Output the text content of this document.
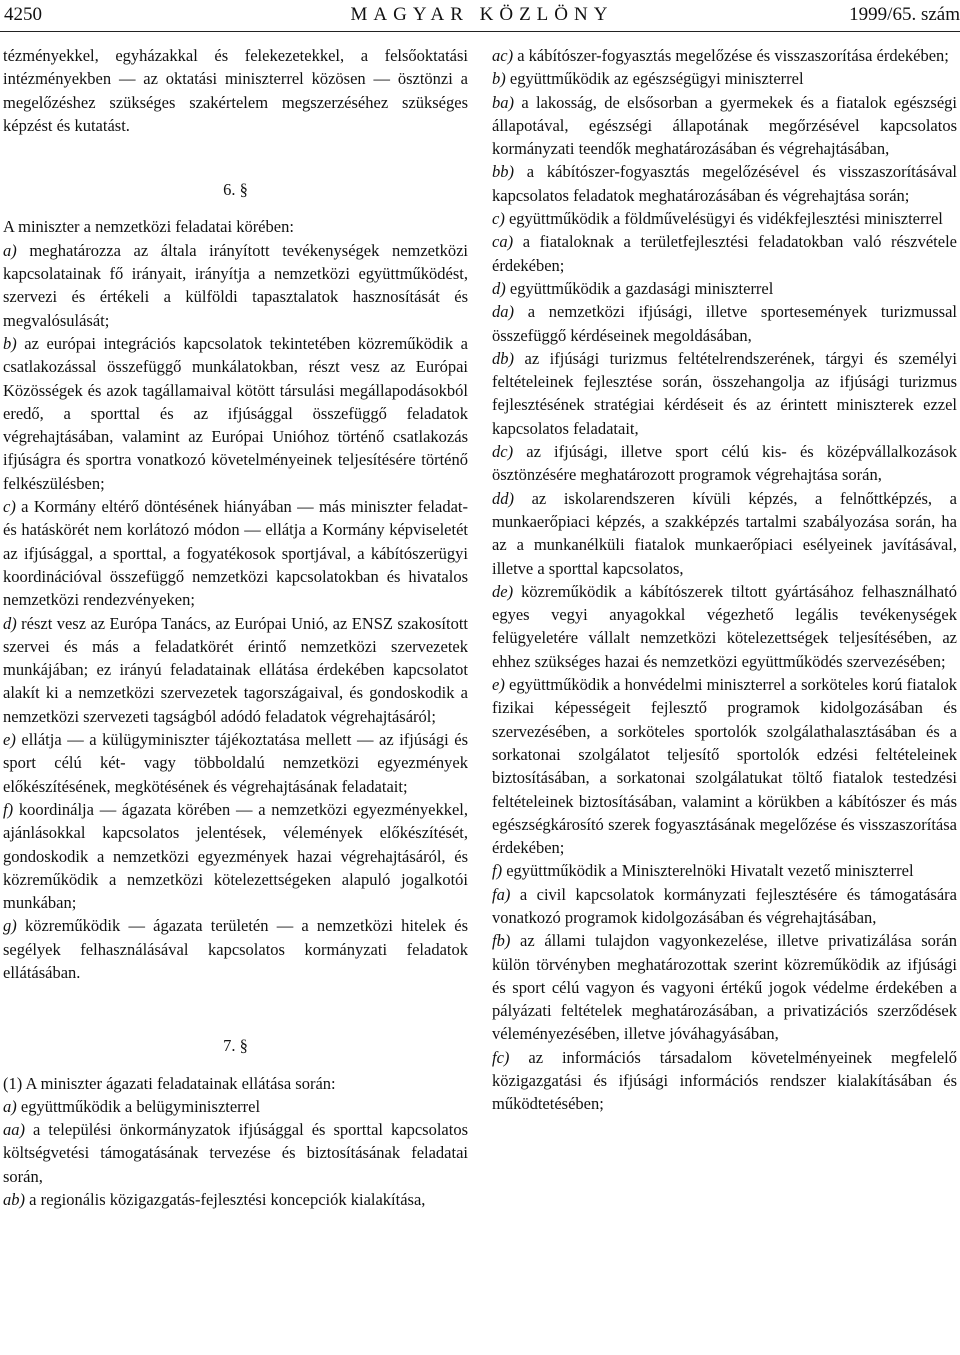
4250	MAGYAR KÖZLÖNY	1999/65. szám

tézményekkel, egyházakkal és felekezetekkel, a felsőoktatási intézményekben — az oktatási miniszterrel közösen — ösztönzi a megelőzéshez szükséges szakértelem megszerzéséhez szükséges képzést és kutatást.

6. §

A miniszter a nemzetközi feladatai körében:

a) meghatározza az általa irányított tevékenységek nemzetközi kapcsolatainak fő irányait, irányítja a nemzetközi együttműködést, szervezi és értékeli a külföldi tapasztalatok hasznosítását és megvalósulását;

b) az európai integrációs kapcsolatok tekintetében közreműködik a csatlakozással összefüggő munkálatokban, részt vesz az Európai Közösségek és azok tagállamaival kötött társulási megállapodásokból eredő, a sporttal és az ifjúsággal összefüggő feladatok végrehajtásában, valamint az Európai Unióhoz történő csatlakozás ifjúságra és sportra vonatkozó követelményeinek teljesítésére történő felkészülésben;

c) a Kormány eltérő döntésének hiányában — más miniszter feladat- és hatáskörét nem korlátozó módon — ellátja a Kormány képviseletét az ifjúsággal, a sporttal, a fogyatékosok sportjával, a kábítószerügyi koordinációval összefüggő nemzetközi kapcsolatokban és hivatalos nemzetközi rendezvényeken;

d) részt vesz az Európa Tanács, az Európai Unió, az ENSZ szakosított szervei és más a feladatkörét érintő nemzetközi szervezetek munkájában; ez irányú feladatainak ellátása érdekében kapcsolatot alakít ki a nemzetközi szervezetek tagországaival, és gondoskodik a nemzetközi szervezeti tagságból adódó feladatok végrehajtásáról;

e) ellátja — a külügyminiszter tájékoztatása mellett — az ifjúsági és sport célú két- vagy többoldalú nemzetközi egyezmények előkészítésének, megkötésének és végrehajtásának feladatait;

f) koordinálja — ágazata körében — a nemzetközi egyezményekkel, ajánlásokkal kapcsolatos jelentések, vélemények előkészítését, gondoskodik a nemzetközi egyezmények hazai végrehajtásáról, és közreműködik a nemzetközi kötelezettségeken alapuló jogalkotói munkában;

g) közreműködik — ágazata területén — a nemzetközi hitelek és segélyek felhasználásával kapcsolatos kormányzati feladatok ellátásában.

7. §

(1) A miniszter ágazati feladatainak ellátása során:

a) együttműködik a belügyminiszterrel

aa) a települési önkormányzatok ifjúsággal és sporttal kapcsolatos költségvetési támogatásának tervezése és biztosításának feladatai során,

ab) a regionális közigazgatás-fejlesztési koncepciók kialakítása,

ac) a kábítószer-fogyasztás megelőzése és visszaszorítása érdekében;

b) együttműködik az egészségügyi miniszterrel

ba) a lakosság, de elsősorban a gyermekek és a fiatalok egészségi állapotával, egészségi állapotának megőrzésével kapcsolatos kormányzati teendők meghatározásában és végrehajtásában,

bb) a kábítószer-fogyasztás megelőzésével és visszaszorításával kapcsolatos feladatok meghatározásában és végrehajtása során;

c) együttműködik a földművelésügyi és vidékfejlesztési miniszterrel

ca) a fiataloknak a területfejlesztési feladatokban való részvétele érdekében;

d) együttműködik a gazdasági miniszterrel

da) a nemzetközi ifjúsági, illetve sportesemények turizmussal összefüggő kérdéseinek megoldásában,

db) az ifjúsági turizmus feltételrendszerének, tárgyi és személyi feltételeinek fejlesztése során, összehangolja az ifjúsági turizmus fejlesztésének stratégiai kérdéseit és az érintett miniszterek ezzel kapcsolatos feladatait,

dc) az ifjúsági, illetve sport célú kis- és középvállalkozások ösztönzésére meghatározott programok végrehajtása során,

dd) az iskolarendszeren kívüli képzés, a felnőttképzés, a munkaerőpiaci képzés, a szakképzés tartalmi szabályozása során, ha az a munkanélküli fiatalok munkaerőpiaci esélyeinek javításával, illetve a sporttal kapcsolatos,

de) közreműködik a kábítószerek tiltott gyártásához felhasználható egyes vegyi anyagokkal végezhető legális tevékenységek felügyeletére vállalt nemzetközi kötelezettségek teljesítésében, az ehhez szükséges hazai és nemzetközi együttműködés szervezésében;

e) együttműködik a honvédelmi miniszterrel a sorköteles korú fiatalok fizikai képességeit fejlesztő programok kidolgozásában és szervezésében, a sorköteles sportolók szolgálathalasztásában és a sorkatonai szolgálatot teljesítő sportolók edzési feltételeinek biztosításában, a sorkatonai szolgálatukat töltő fiatalok testedzési feltételeinek biztosításában, valamint a körükben a kábítószer és más egészségkárosító szerek fogyasztásának megelőzése és visszaszorítása érdekében;

f) együttműködik a Miniszterelnöki Hivatalt vezető miniszterrel

fa) a civil kapcsolatok kormányzati fejlesztésére és támogatására vonatkozó programok kidolgozásában és végrehajtásában,

fb) az állami tulajdon vagyonkezelése, illetve privatizálása során külön törvényben meghatározottak szerint közreműködik az ifjúsági és sport célú vagyon és vagyoni értékű jogok védelme érdekében a pályázati feltételek meghatározásában, a privatizációs szerződések véleményezésében, illetve jóváhagyásában,

fc) az információs társadalom követelményeinek megfelelő közigazgatási és ifjúsági információs rendszer kialakításában és működtetésében;
